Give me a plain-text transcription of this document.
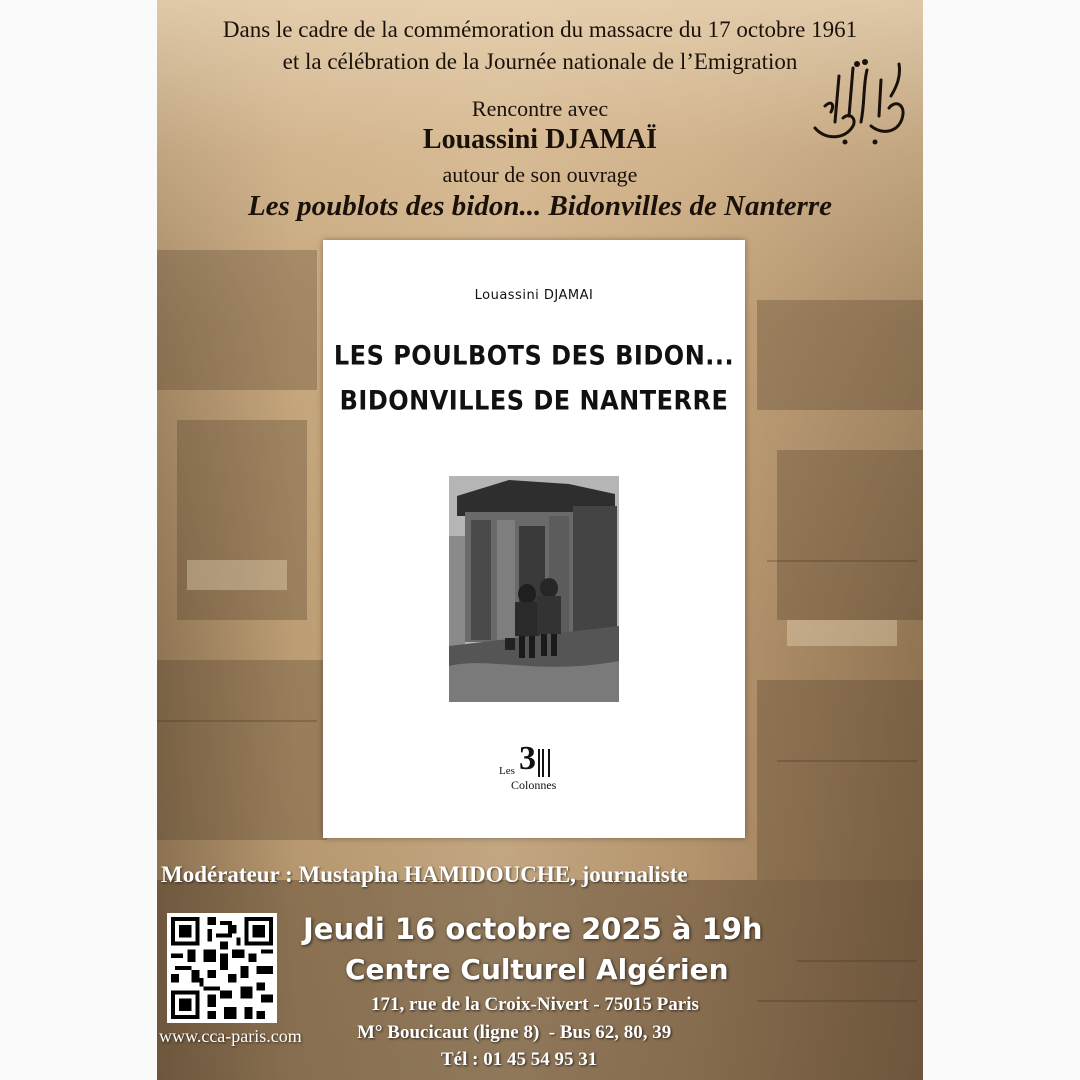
Dans le cadre de la commémoration du massacre du 17 octobre 1961
et la célébration de la Journée nationale de l’Emigration
Rencontre avec
Louassini DJAMAÏ
autour de son ouvrage
Les poublots des bidon... Bidonvilles de Nanterre
Louassini DJAMAI
LES POULBOTS DES BIDON...
BIDONVILLES DE NANTERRE
Les 3
Colonnes
Modérateur : Mustapha HAMIDOUCHE, journaliste
www.cca-paris.com
Jeudi 16 octobre 2025 à 19h
Centre Culturel Algérien
171, rue de la Croix-Nivert - 75015 Paris
M° Boucicaut (ligne 8)  - Bus 62, 80, 39
Tél : 01 45 54 95 31
